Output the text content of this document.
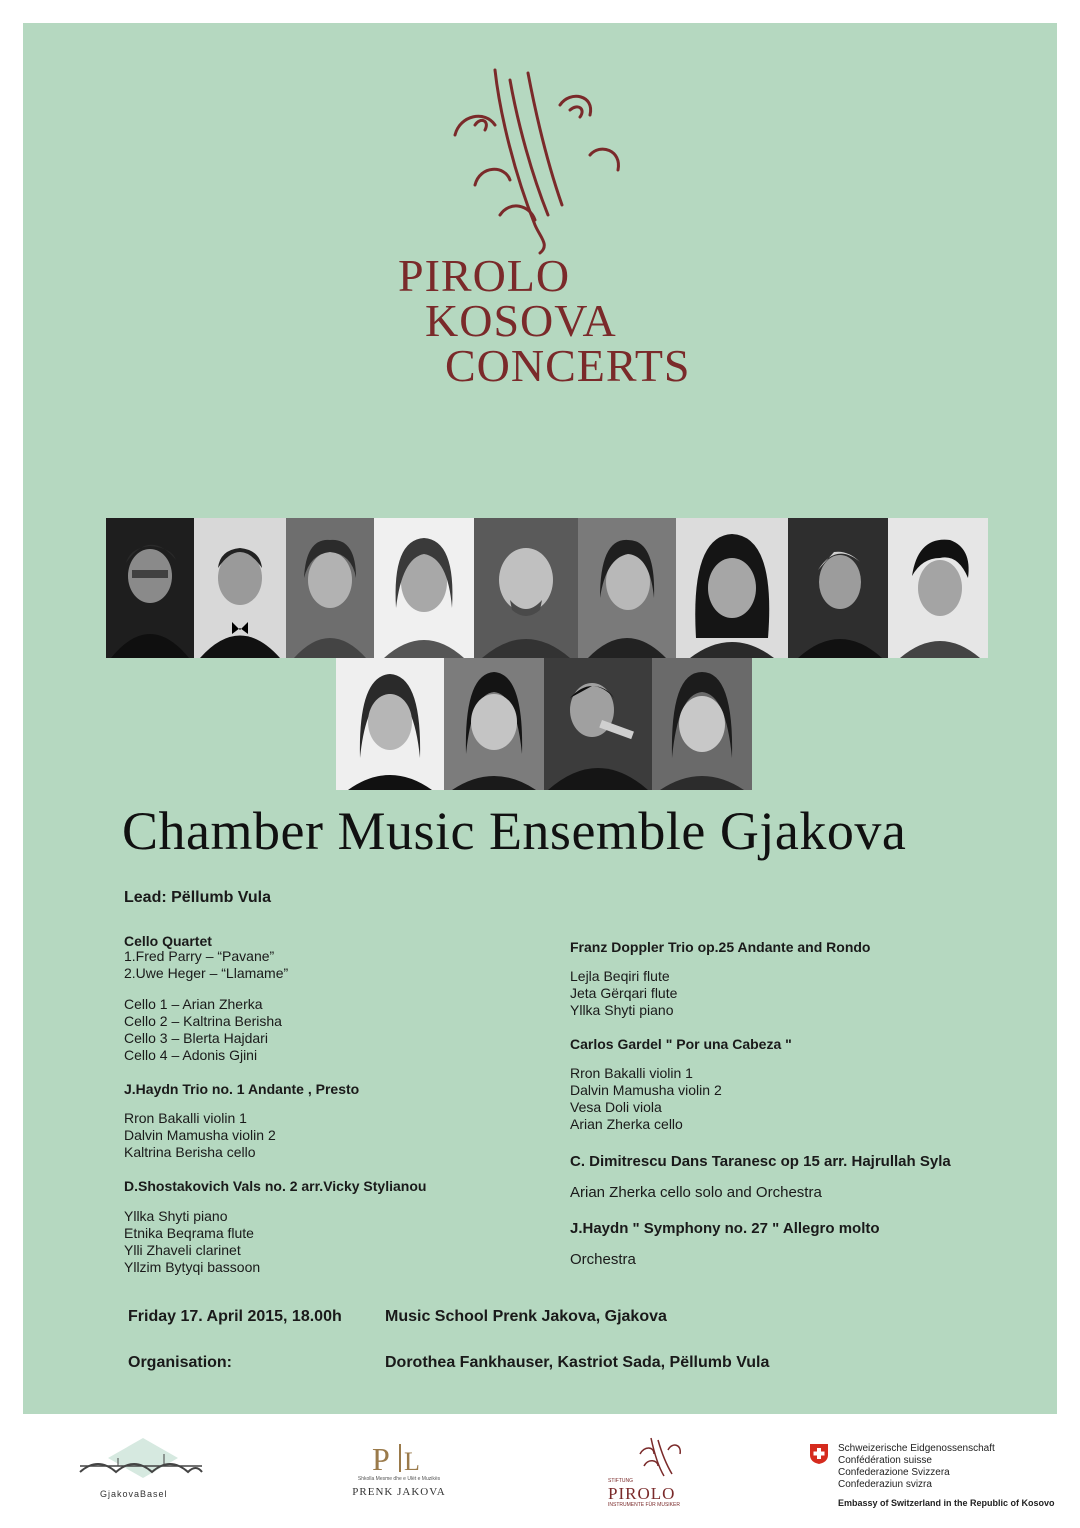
PIROLO
KOSOVA
CONCERTS
Chamber Music Ensemble Gjakova
Lead: Pëllumb Vula
Cello Quartet
1.Fred Parry – “Pavane”
2.Uwe Heger – “Llamame”
Cello 1 – Arian Zherka
Cello 2 – Kaltrina Berisha
Cello 3 – Blerta Hajdari
Cello 4 – Adonis Gjini
J.Haydn Trio no. 1 Andante , Presto
Rron Bakalli violin 1
Dalvin Mamusha violin 2
Kaltrina Berisha cello
D.Shostakovich Vals no. 2 arr.Vicky Stylianou
Yllka Shyti piano
Etnika Beqrama flute
Ylli Zhaveli clarinet
Yllzim Bytyqi bassoon
Franz Doppler Trio op.25 Andante and Rondo
Lejla Beqiri flute
Jeta Gërqari flute
Yllka Shyti piano
Carlos Gardel " Por una Cabeza "
Rron Bakalli violin 1
Dalvin Mamusha violin 2
Vesa Doli viola
Arian Zherka cello
C. Dimitrescu Dans Taranesc op 15 arr. Hajrullah Syla
Arian Zherka cello solo and Orchestra
J.Haydn " Symphony no. 27 " Allegro molto
Orchestra
Friday 17. April 2015, 18.00h	Music School Prenk Jakova, Gjakova
Organisation:	Dorothea Fankhauser, Kastriot Sada, Pëllumb Vula
GjakovaBasel
P L
Shkolla Mesme dhe e Ulët e Muzikës
PRENK JAKOVA
STIFTUNG
PIROLO
INSTRUMENTE FÜR MUSIKER
Schweizerische Eidgenossenschaft
Confédération suisse
Confederazione Svizzera
Confederaziun svizra
Embassy of Switzerland in the Republic of Kosovo
